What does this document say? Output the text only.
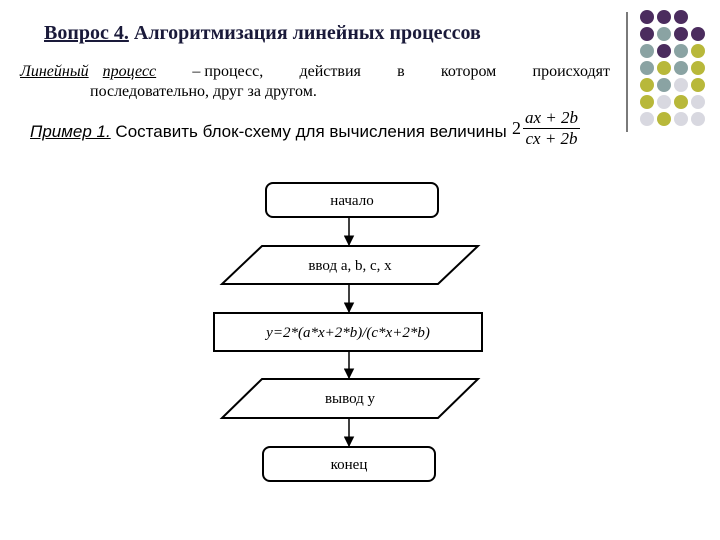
Вопрос 4. Алгоритмизация линейных процессов
Линейный процесс – процесс, действия в котором происходят
последовательно, друг за другом.
Пример 1. Составить блок-схему для вычисления величины $2 \frac{ax + 2b}{cx + 2b}$
начало
ввод a, b, c, x
y=2*(a*x+2*b)/(c*x+2*b)
вывод y
конец
